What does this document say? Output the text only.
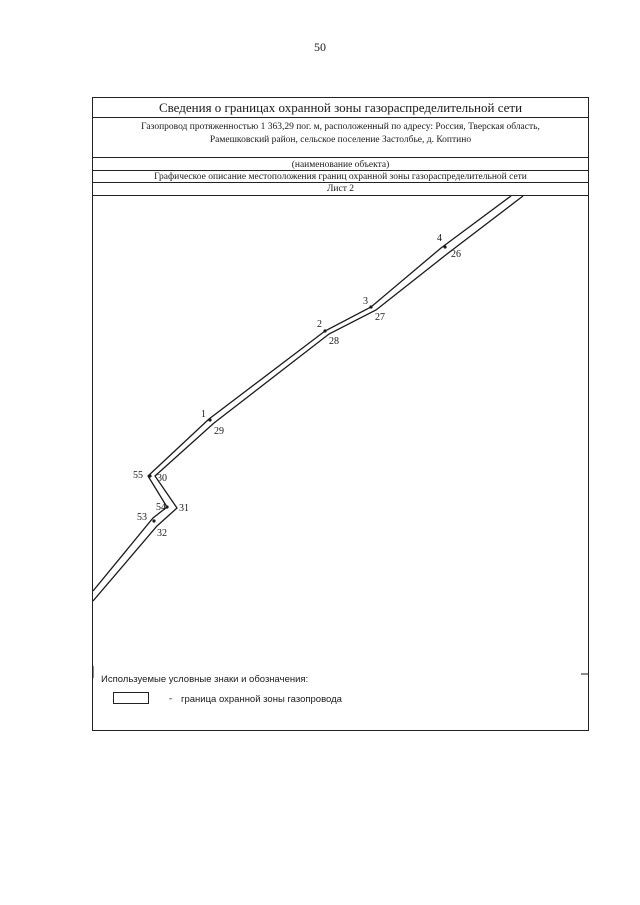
50
Сведения о границах охранной зоны газораспределительной сети
Газопровод протяженностью 1 363,29 пог. м, расположенный по адресу: Россия, Тверская область,
Рамешковский район, сельское поселение Застолбье, д. Коптино
(наименование объекта)
Графическое описание местоположения границ охранной зоны газораспределительной сети
Лист 2
4
3
2
1
55
54
53
26
27
28
29
30
31
32
Используемые условные знаки и обозначения:
- граница охранной зоны газопровода
